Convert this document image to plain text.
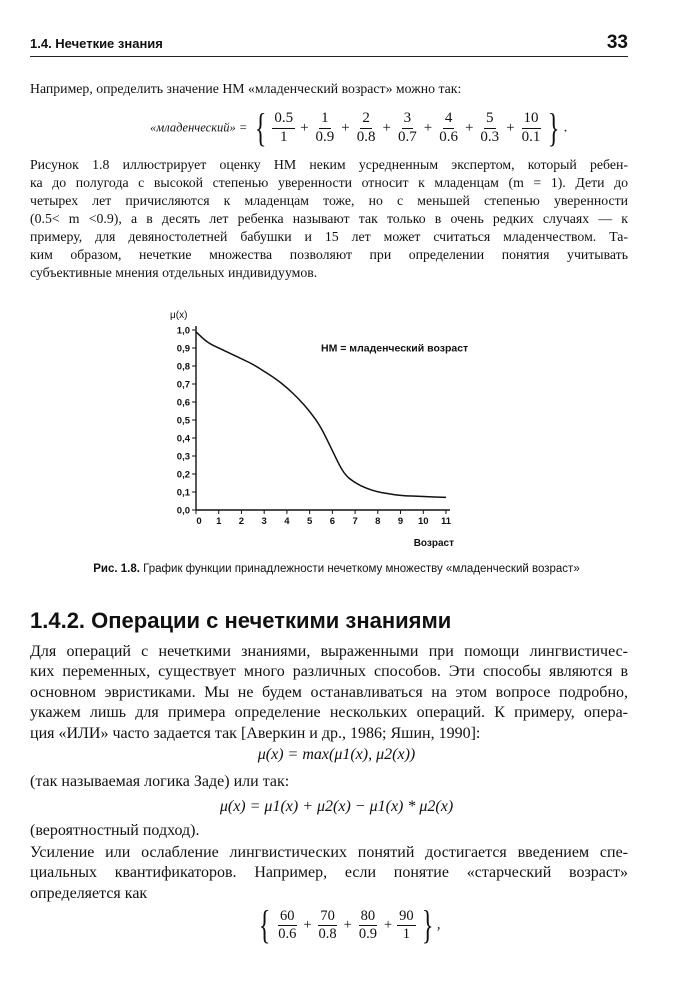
1.4. Нечеткие знания	33
Например, определить значение НМ «младенческий возраст» можно так:
«младенческий» = { $\frac{0.5}{1} + \frac{1}{0.9} + \frac{2}{0.8} + \frac{3}{0.7} + \frac{4}{0.6} + \frac{5}{0.3} + \frac{10}{0.1}$ } .
Рисунок 1.8 иллюстрирует оценку НМ неким усредненным экспертом, который ребен-
ка до полугода с высокой степенью уверенности относит к младенцам (m = 1). Дети до
четырех лет причисляются к младенцам тоже, но с меньшей степенью уверенности
(0.5< m <0.9), а в десять лет ребенка называют так только в очень редких случаях — к
примеру, для девяностолетней бабушки и 15 лет может считаться младенчеством. Та-
ким образом, нечеткие множества позволяют при определении понятия учитывать
субъективные мнения отдельных индивидуумов.
0,0
0,1
0,2
0,3
0,4
0,5
0,6
0,7
0,8
0,9
1,0
0 1 2 3 4 5 6 7 8 9 10 11
μ(x)
Возраст
НМ = младенческий возраст
Рис. 1.8. График функции принадлежности нечеткому множеству «младенческий возраст»
1.4.2. Операции с нечеткими знаниями
Для операций с нечеткими знаниями, выраженными при помощи лингвистичес-
ких переменных, существует много различных способов. Эти способы являются в
основном эвристиками. Мы не будем останавливаться на этом вопросе подробно,
укажем лишь для примера определение нескольких операций. К примеру, опера-
ция «ИЛИ» часто задается так [Аверкин и др., 1986; Яшин, 1990]:
μ(x) = max(μ1(x), μ2(x))
(так называемая логика Заде) или так:
μ(x) = μ1(x) + μ2(x) − μ1(x) * μ2(x)
(вероятностный подход).
Усиление или ослабление лингвистических понятий достигается введением спе-
циальных квантификаторов. Например, если понятие «старческий возраст»
определяется как
{ $\frac{60}{0.6} + \frac{70}{0.8} + \frac{80}{0.9} + \frac{90}{1}$ } ,
